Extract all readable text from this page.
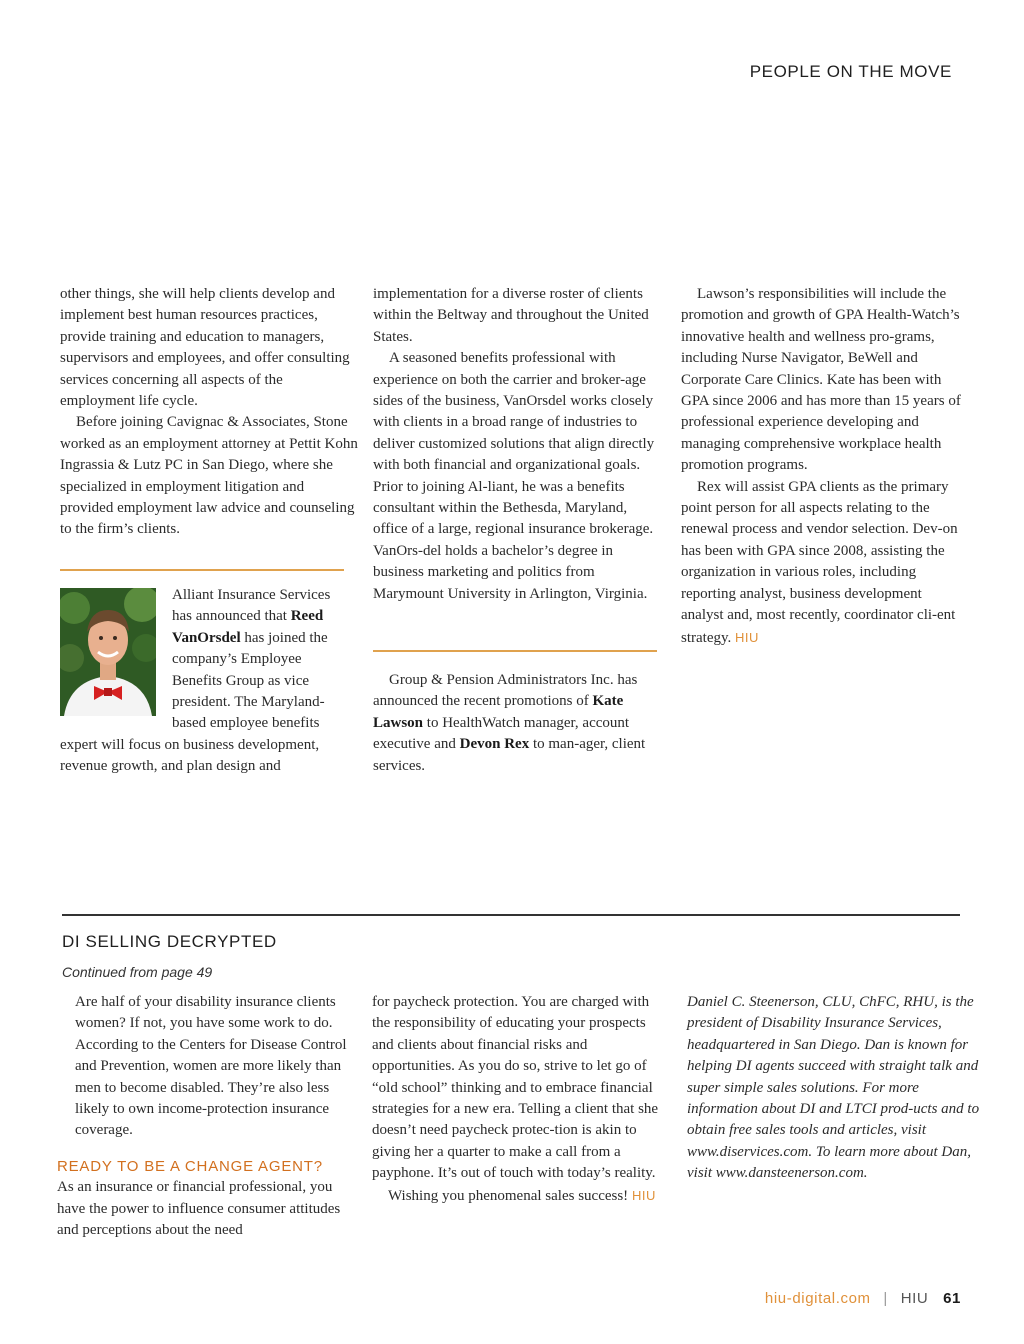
PEOPLE ON THE MOVE

other things, she will help clients develop and implement best human resources practices, provide training and education to managers, supervisors and employees, and offer consulting services concerning all aspects of the employment life cycle.

Before joining Cavignac & Associates, Stone worked as an employment attorney at Pettit Kohn Ingrassia & Lutz PC in San Diego, where she specialized in employment litigation and provided employment law advice and counseling to the firm’s clients.

Alliant Insurance Services has announced that Reed VanOrsdel has joined the company’s Employee Benefits Group as vice president. The Maryland-based employee benefits expert will focus on business development, revenue growth, and plan design and

implementation for a diverse roster of clients within the Beltway and throughout the United States.

A seasoned benefits professional with experience on both the carrier and broker-age sides of the business, VanOrsdel works closely with clients in a broad range of industries to deliver customized solutions that align directly with both financial and organizational goals. Prior to joining Al-liant, he was a benefits consultant within the Bethesda, Maryland, office of a large, regional insurance brokerage. VanOrs-del holds a bachelor’s degree in business marketing and politics from Marymount University in Arlington, Virginia.

Group & Pension Administrators Inc. has announced the recent promotions of Kate Lawson to HealthWatch manager, account executive and Devon Rex to man-ager, client services.

Lawson’s responsibilities will include the promotion and growth of GPA Health-Watch’s innovative health and wellness pro-grams, including Nurse Navigator, BeWell and Corporate Care Clinics. Kate has been with GPA since 2006 and has more than 15 years of professional experience developing and managing comprehensive workplace health promotion programs.

Rex will assist GPA clients as the primary point person for all aspects relating to the renewal process and vendor selection. Dev-on has been with GPA since 2008, assisting the organization in various roles, including reporting analyst, business development analyst and, most recently, coordinator cli-ent strategy. HIU

DI SELLING DECRYPTED
Continued from page 49

Are half of your disability insurance clients women? If not, you have some work to do. According to the Centers for Disease Control and Prevention, women are more likely than men to become disabled. They’re also less likely to own income-protection insurance coverage.

READY TO BE A CHANGE AGENT?

As an insurance or financial professional, you have the power to influence consumer attitudes and perceptions about the need

for paycheck protection. You are charged with the responsibility of educating your prospects and clients about financial risks and opportunities. As you do so, strive to let go of “old school” thinking and to embrace financial strategies for a new era. Telling a client that she doesn’t need paycheck protec-tion is akin to giving her a quarter to make a call from a payphone. It’s out of touch with today’s reality.

Wishing you phenomenal sales success! HIU

Daniel C. Steenerson, CLU, ChFC, RHU, is the president of Disability Insurance Services, headquartered in San Diego. Dan is known for helping DI agents succeed with straight talk and super simple sales solutions. For more information about DI and LTCI prod-ucts and to obtain free sales tools and articles, visit www.diservices.com. To learn more about Dan, visit www.dansteenerson.com.

hiu-digital.com | HIU 61
